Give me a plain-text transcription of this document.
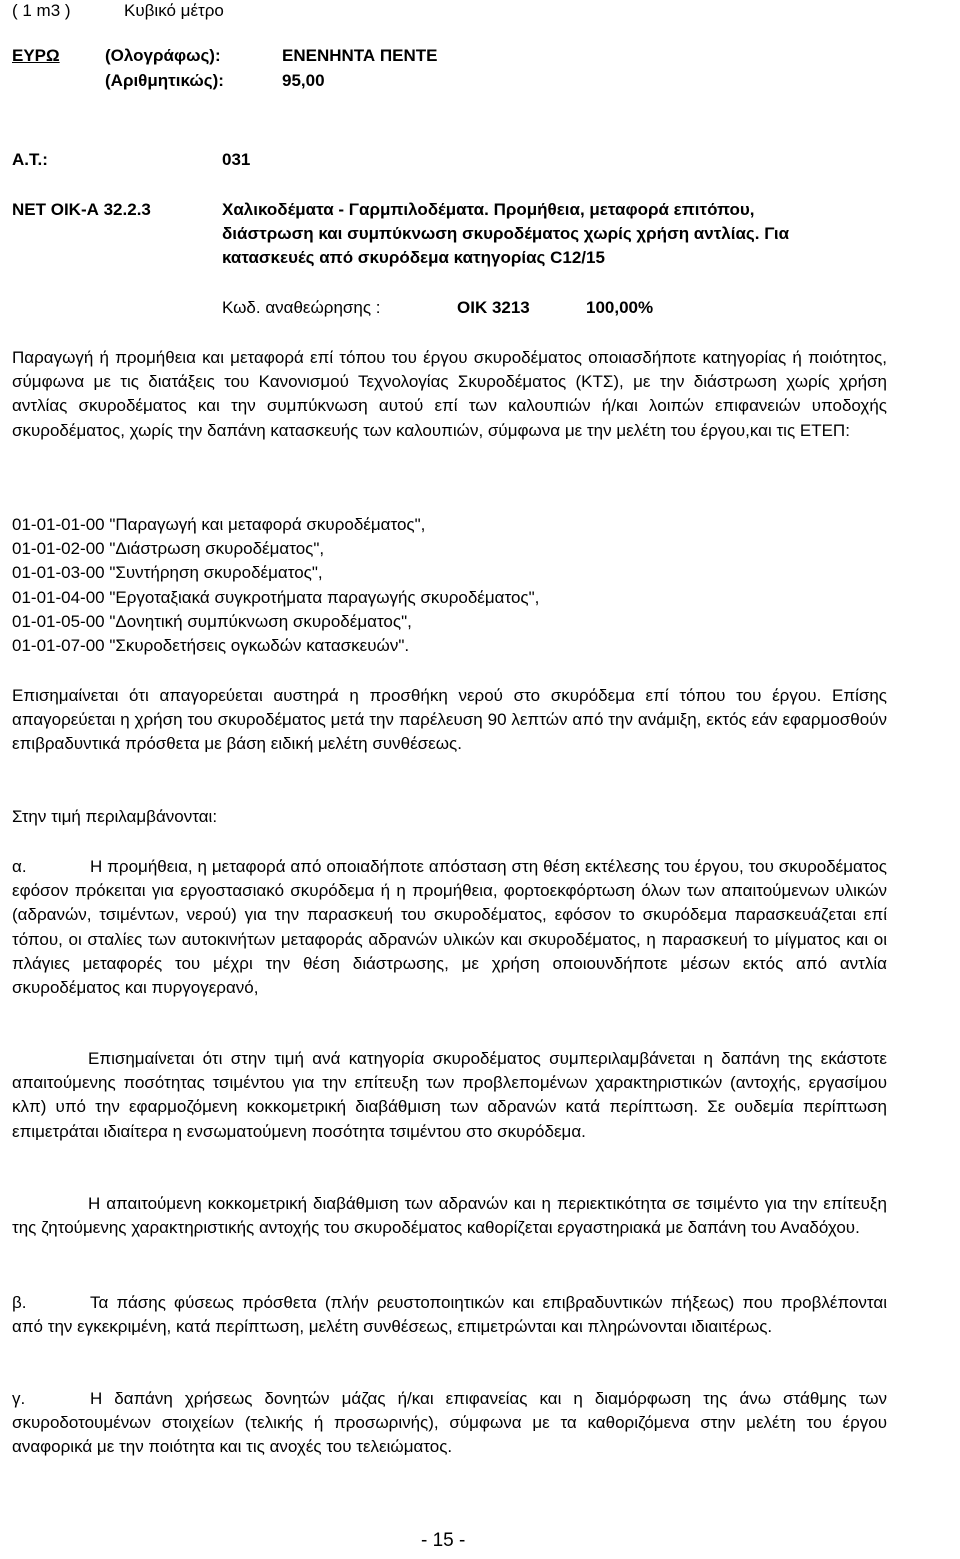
( 1 m3 )	Κυβικό μέτρο
ΕΥΡΩ	(Ολογράφως):	ΕΝΕΝΗΝΤΑ ΠΕΝΤΕ
(Αριθμητικώς):	95,00
Α.Τ.:	031
ΝΕΤ ΟΙΚ-Α 32.2.3	Χαλικοδέματα - Γαρμπιλοδέματα. Προμήθεια, μεταφορά επιτόπου,
διάστρωση και συμπύκνωση σκυροδέματος χωρίς χρήση αντλίας. Για
κατασκευές από σκυρόδεμα κατηγορίας C12/15
Κωδ. αναθεώρησης :	ΟΙΚ 3213	100,00%
Παραγωγή ή προμήθεια και μεταφορά επί τόπου του έργου σκυροδέματος οποιασδήποτε κατηγορίας ή ποιότητος, σύμφωνα με τις διατάξεις του Κανονισμού Τεχνολογίας Σκυροδέματος (ΚΤΣ), με την διάστρωση χωρίς χρήση αντλίας σκυροδέματος και την συμπύκνωση αυτού επί των καλουπιών ή/και λοιπών επιφανειών υποδοχής σκυροδέματος, χωρίς την δαπάνη κατασκευής των καλουπιών, σύμφωνα με την μελέτη του έργου,και τις ΕΤΕΠ:
01-01-01-00 "Παραγωγή και μεταφορά σκυροδέματος",
01-01-02-00 "Διάστρωση σκυροδέματος",
01-01-03-00 "Συντήρηση σκυροδέματος",
01-01-04-00 "Εργοταξιακά συγκροτήματα παραγωγής σκυροδέματος",
01-01-05-00 "Δονητική συμπύκνωση σκυροδέματος",
01-01-07-00 "Σκυροδετήσεις ογκωδών κατασκευών".
Επισημαίνεται ότι απαγορεύεται αυστηρά η προσθήκη νερού στο σκυρόδεμα επί τόπου του έργου. Επίσης απαγορεύεται η χρήση του σκυροδέματος μετά την παρέλευση 90 λεπτών από την ανάμιξη, εκτός εάν εφαρμοσθούν επιβραδυντικά πρόσθετα με βάση ειδική μελέτη συνθέσεως.
Στην τιμή περιλαμβάνονται:
α.	Η προμήθεια, η μεταφορά από οποιαδήποτε απόσταση στη θέση εκτέλεσης του έργου, του σκυροδέματος εφόσον πρόκειται για εργοστασιακό σκυρόδεμα ή η προμήθεια, φορτοεκφόρτωση όλων των απαιτούμενων υλικών (αδρανών, τσιμέντων, νερού) για την παρασκευή του σκυροδέματος, εφόσον το σκυρόδεμα παρασκευάζεται επί τόπου, οι σταλίες των αυτοκινήτων μεταφοράς αδρανών υλικών και σκυροδέματος, η παρασκευή το μίγματος και οι πλάγιες μεταφορές του μέχρι την θέση διάστρωσης, με χρήση οποιουνδήποτε μέσων εκτός από αντλία σκυροδέματος και πυργογερανό,
Επισημαίνεται ότι στην τιμή ανά κατηγορία σκυροδέματος συμπεριλαμβάνεται η δαπάνη της εκάστοτε απαιτούμενης ποσότητας τσιμέντου για την επίτευξη των προβλεπομένων χαρακτηριστικών (αντοχής, εργασίμου κλπ) υπό την εφαρμοζόμενη κοκκομετρική διαβάθμιση των αδρανών κατά περίπτωση. Σε ουδεμία περίπτωση επιμετράται ιδιαίτερα η ενσωματούμενη ποσότητα τσιμέντου στο σκυρόδεμα.
Η απαιτούμενη κοκκομετρική διαβάθμιση των αδρανών και η περιεκτικότητα σε τσιμέντο για την επίτευξη της ζητούμενης χαρακτηριστικής αντοχής του σκυροδέματος καθορίζεται εργαστηριακά με δαπάνη του Αναδόχου.
β.	Τα πάσης φύσεως πρόσθετα (πλήν ρευστοποιητικών και επιβραδυντικών πήξεως) που προβλέπονται από την εγκεκριμένη, κατά περίπτωση, μελέτη συνθέσεως, επιμετρώνται και πληρώνονται ιδιαιτέρως.
γ.	Η δαπάνη χρήσεως δονητών μάζας ή/και επιφανείας και η διαμόρφωση της άνω στάθμης των σκυροδοτουμένων στοιχείων (τελικής ή προσωρινής), σύμφωνα με τα καθοριζόμενα στην μελέτη του έργου αναφορικά με την ποιότητα και τις ανοχές του τελειώματος.
- 15 -
